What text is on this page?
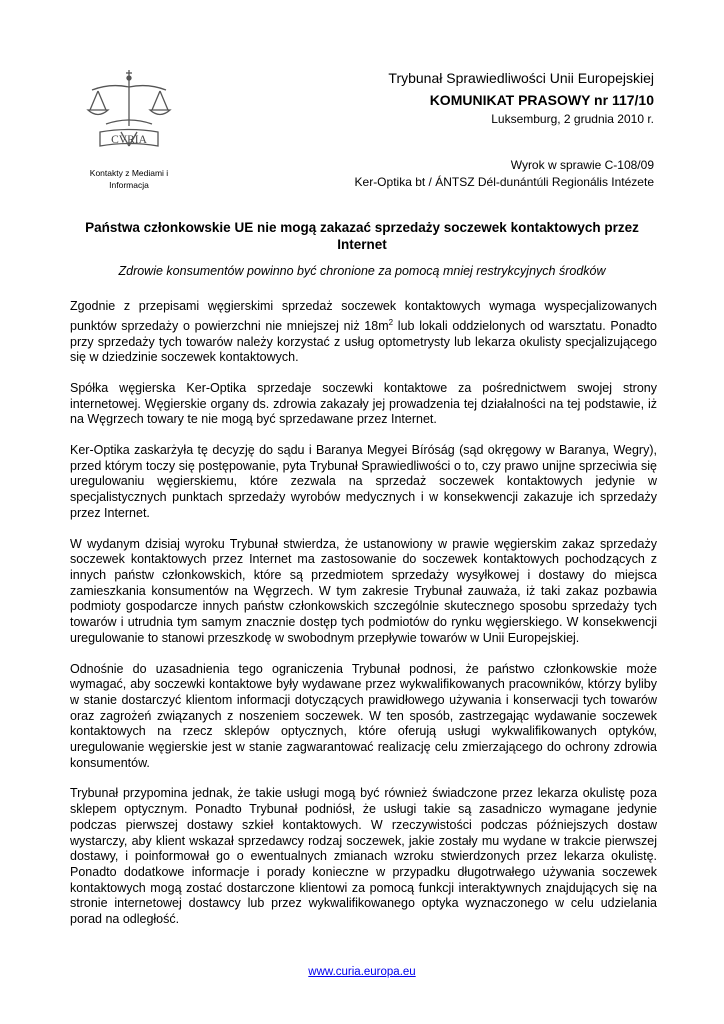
CVRIA
Kontakty z Mediami i
Informacja
Trybunał Sprawiedliwości Unii Europejskiej
KOMUNIKAT PRASOWY nr 117/10
Luksemburg, 2 grudnia 2010 r.
Wyrok w sprawie C-108/09
Ker-Optika bt / ÁNTSZ Dél-dunántúli Regionális Intézete
Państwa członkowskie UE nie mogą zakazać sprzedaży soczewek kontaktowych przez Internet
Zdrowie konsumentów powinno być chronione za pomocą mniej restrykcyjnych środków

Zgodnie z przepisami węgierskimi sprzedaż soczewek kontaktowych wymaga wyspecjalizowanych punktów sprzedaży o powierzchni nie mniejszej niż $18m^2$ lub lokali oddzielonych od warsztatu. Ponadto przy sprzedaży tych towarów należy korzystać z usług optometrysty lub lekarza okulisty specjalizującego się w dziedzinie soczewek kontaktowych.

Spółka węgierska Ker-Optika sprzedaje soczewki kontaktowe za pośrednictwem swojej strony internetowej. Węgierskie organy ds. zdrowia zakazały jej prowadzenia tej działalności na tej podstawie, iż na Węgrzech towary te nie mogą być sprzedawane przez Internet.

Ker-Optika zaskarżyła tę decyzję do sądu i Baranya Megyei Bíróság (sąd okręgowy w Baranya, Wegry), przed którym toczy się postępowanie, pyta Trybunał Sprawiedliwości o to, czy prawo unijne sprzeciwia się uregulowaniu węgierskiemu, które zezwala na sprzedaż soczewek kontaktowych jedynie w specjalistycznych punktach sprzedaży wyrobów medycznych i w konsekwencji zakazuje ich sprzedaży przez Internet.

W wydanym dzisiaj wyroku Trybunał stwierdza, że ustanowiony w prawie węgierskim zakaz sprzedaży soczewek kontaktowych przez Internet ma zastosowanie do soczewek kontaktowych pochodzących z innych państw członkowskich, które są przedmiotem sprzedaży wysyłkowej i dostawy do miejsca zamieszkania konsumentów na Węgrzech. W tym zakresie Trybunał zauważa, iż taki zakaz pozbawia podmioty gospodarcze innych państw członkowskich szczególnie skutecznego sposobu sprzedaży tych towarów i utrudnia tym samym znacznie dostęp tych podmiotów do rynku węgierskiego. W konsekwencji uregulowanie to stanowi przeszkodę w swobodnym przepływie towarów w Unii Europejskiej.

Odnośnie do uzasadnienia tego ograniczenia Trybunał podnosi, że państwo członkowskie może wymagać, aby soczewki kontaktowe były wydawane przez wykwalifikowanych pracowników, którzy byliby w stanie dostarczyć klientom informacji dotyczących prawidłowego używania i konserwacji tych towarów oraz zagrożeń związanych z noszeniem soczewek. W ten sposób, zastrzegając wydawanie soczewek kontaktowych na rzecz sklepów optycznych, które oferują usługi wykwalifikowanych optyków, uregulowanie węgierskie jest w stanie zagwarantować realizację celu zmierzającego do ochrony zdrowia konsumentów.

Trybunał przypomina jednak, że takie usługi mogą być również świadczone przez lekarza okulistę poza sklepem optycznym. Ponadto Trybunał podniósł, że usługi takie są zasadniczo wymagane jedynie podczas pierwszej dostawy szkieł kontaktowych. W rzeczywistości podczas późniejszych dostaw wystarczy, aby klient wskazał sprzedawcy rodzaj soczewek, jakie zostały mu wydane w trakcie pierwszej dostawy, i poinformował go o ewentualnych zmianach wzroku stwierdzonych przez lekarza okulistę. Ponadto dodatkowe informacje i porady konieczne w przypadku długotrwałego używania soczewek kontaktowych mogą zostać dostarczone klientowi za pomocą funkcji interaktywnych znajdujących się na stronie internetowej dostawcy lub przez wykwalifikowanego optyka wyznaczonego w celu udzielania porad na odległość.

www.curia.europa.eu
